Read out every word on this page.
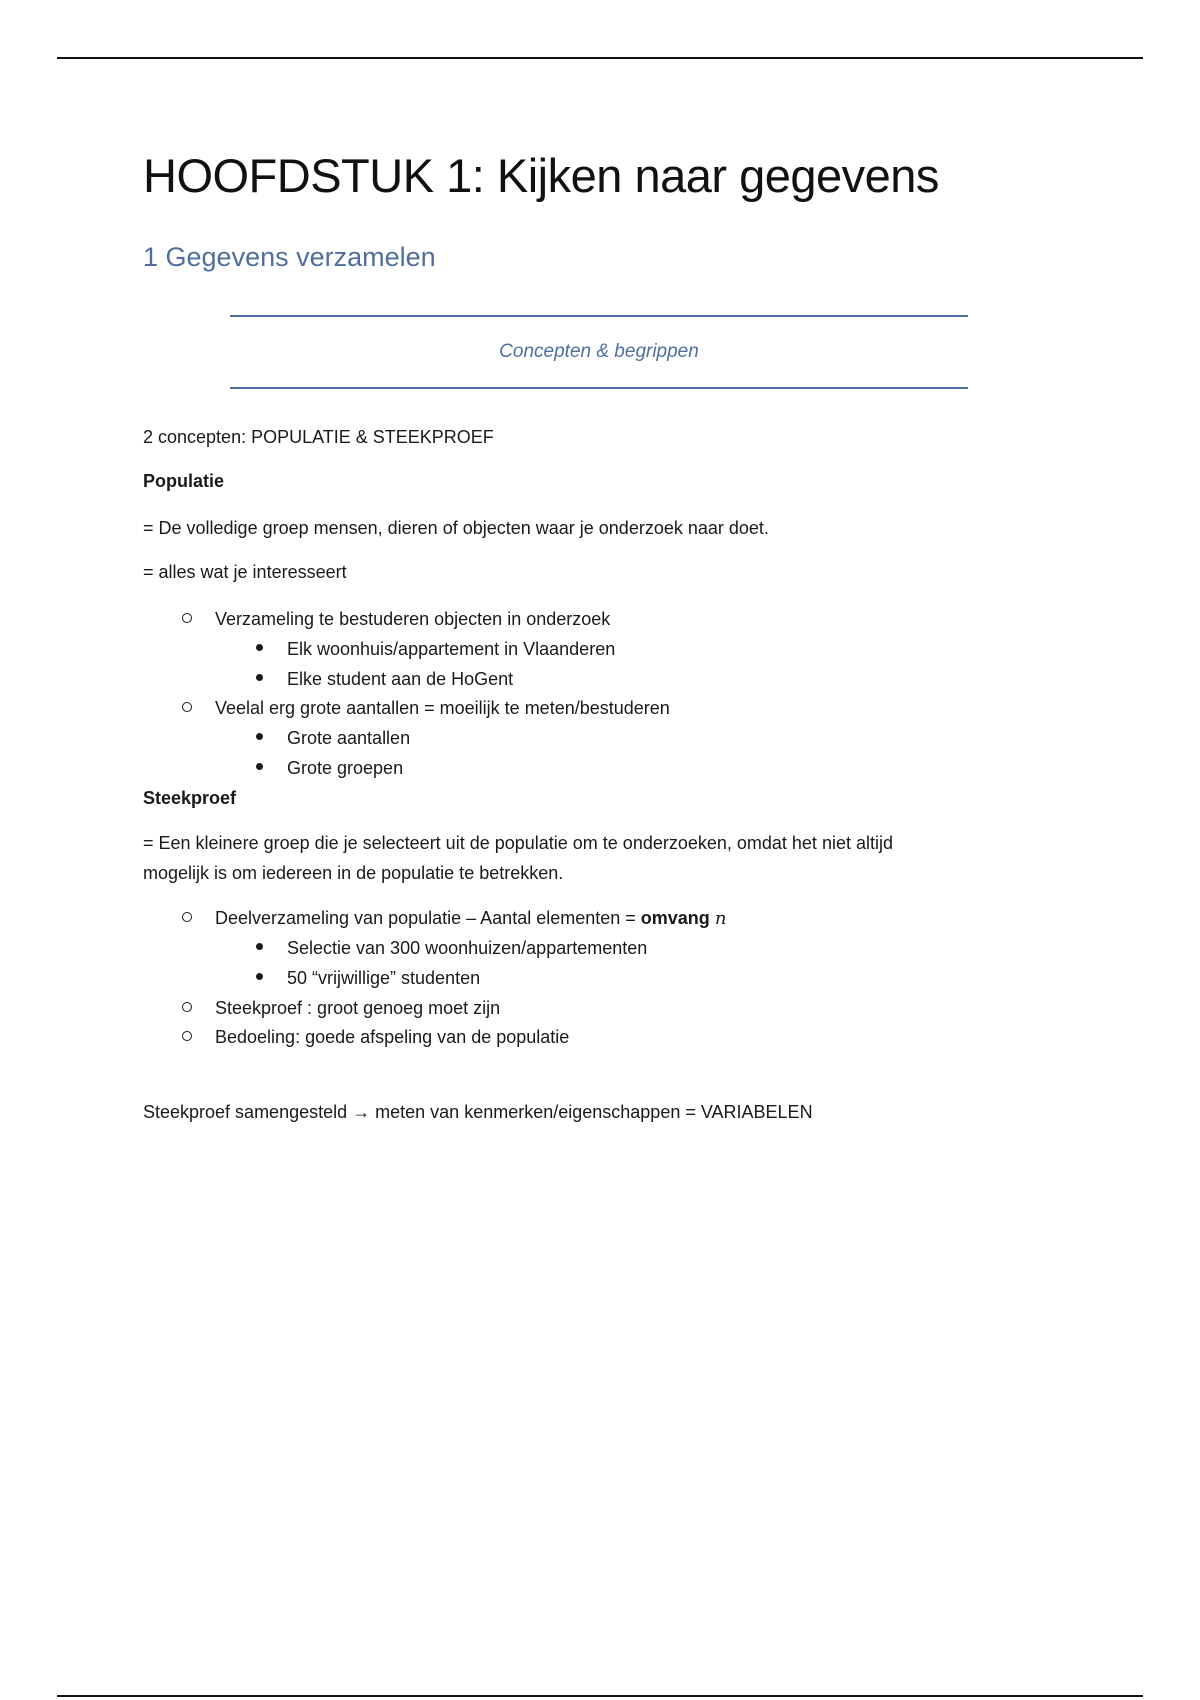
HOOFDSTUK 1: Kijken naar gegevens
1 Gegevens verzamelen
Concepten & begrippen

2 concepten: POPULATIE & STEEKPROEF

Populatie

= De volledige groep mensen, dieren of objecten waar je onderzoek naar doet.

= alles wat je interesseert

Verzameling te bestuderen objecten in onderzoek
Elk woonhuis/appartement in Vlaanderen
Elke student aan de HoGent
Veelal erg grote aantallen = moeilijk te meten/bestuderen
Grote aantallen
Grote groepen

Steekproef

= Een kleinere groep die je selecteert uit de populatie om te onderzoeken, omdat het niet altijd

mogelijk is om iedereen in de populatie te betrekken.

Deelverzameling van populatie – Aantal elementen = omvang n
Selectie van 300 woonhuizen/appartementen
50 “vrijwillige” studenten
Steekproef : groot genoeg moet zijn
Bedoeling: goede afspeling van de populatie

Steekproef samengesteld → meten van kenmerken/eigenschappen = VARIABELEN
